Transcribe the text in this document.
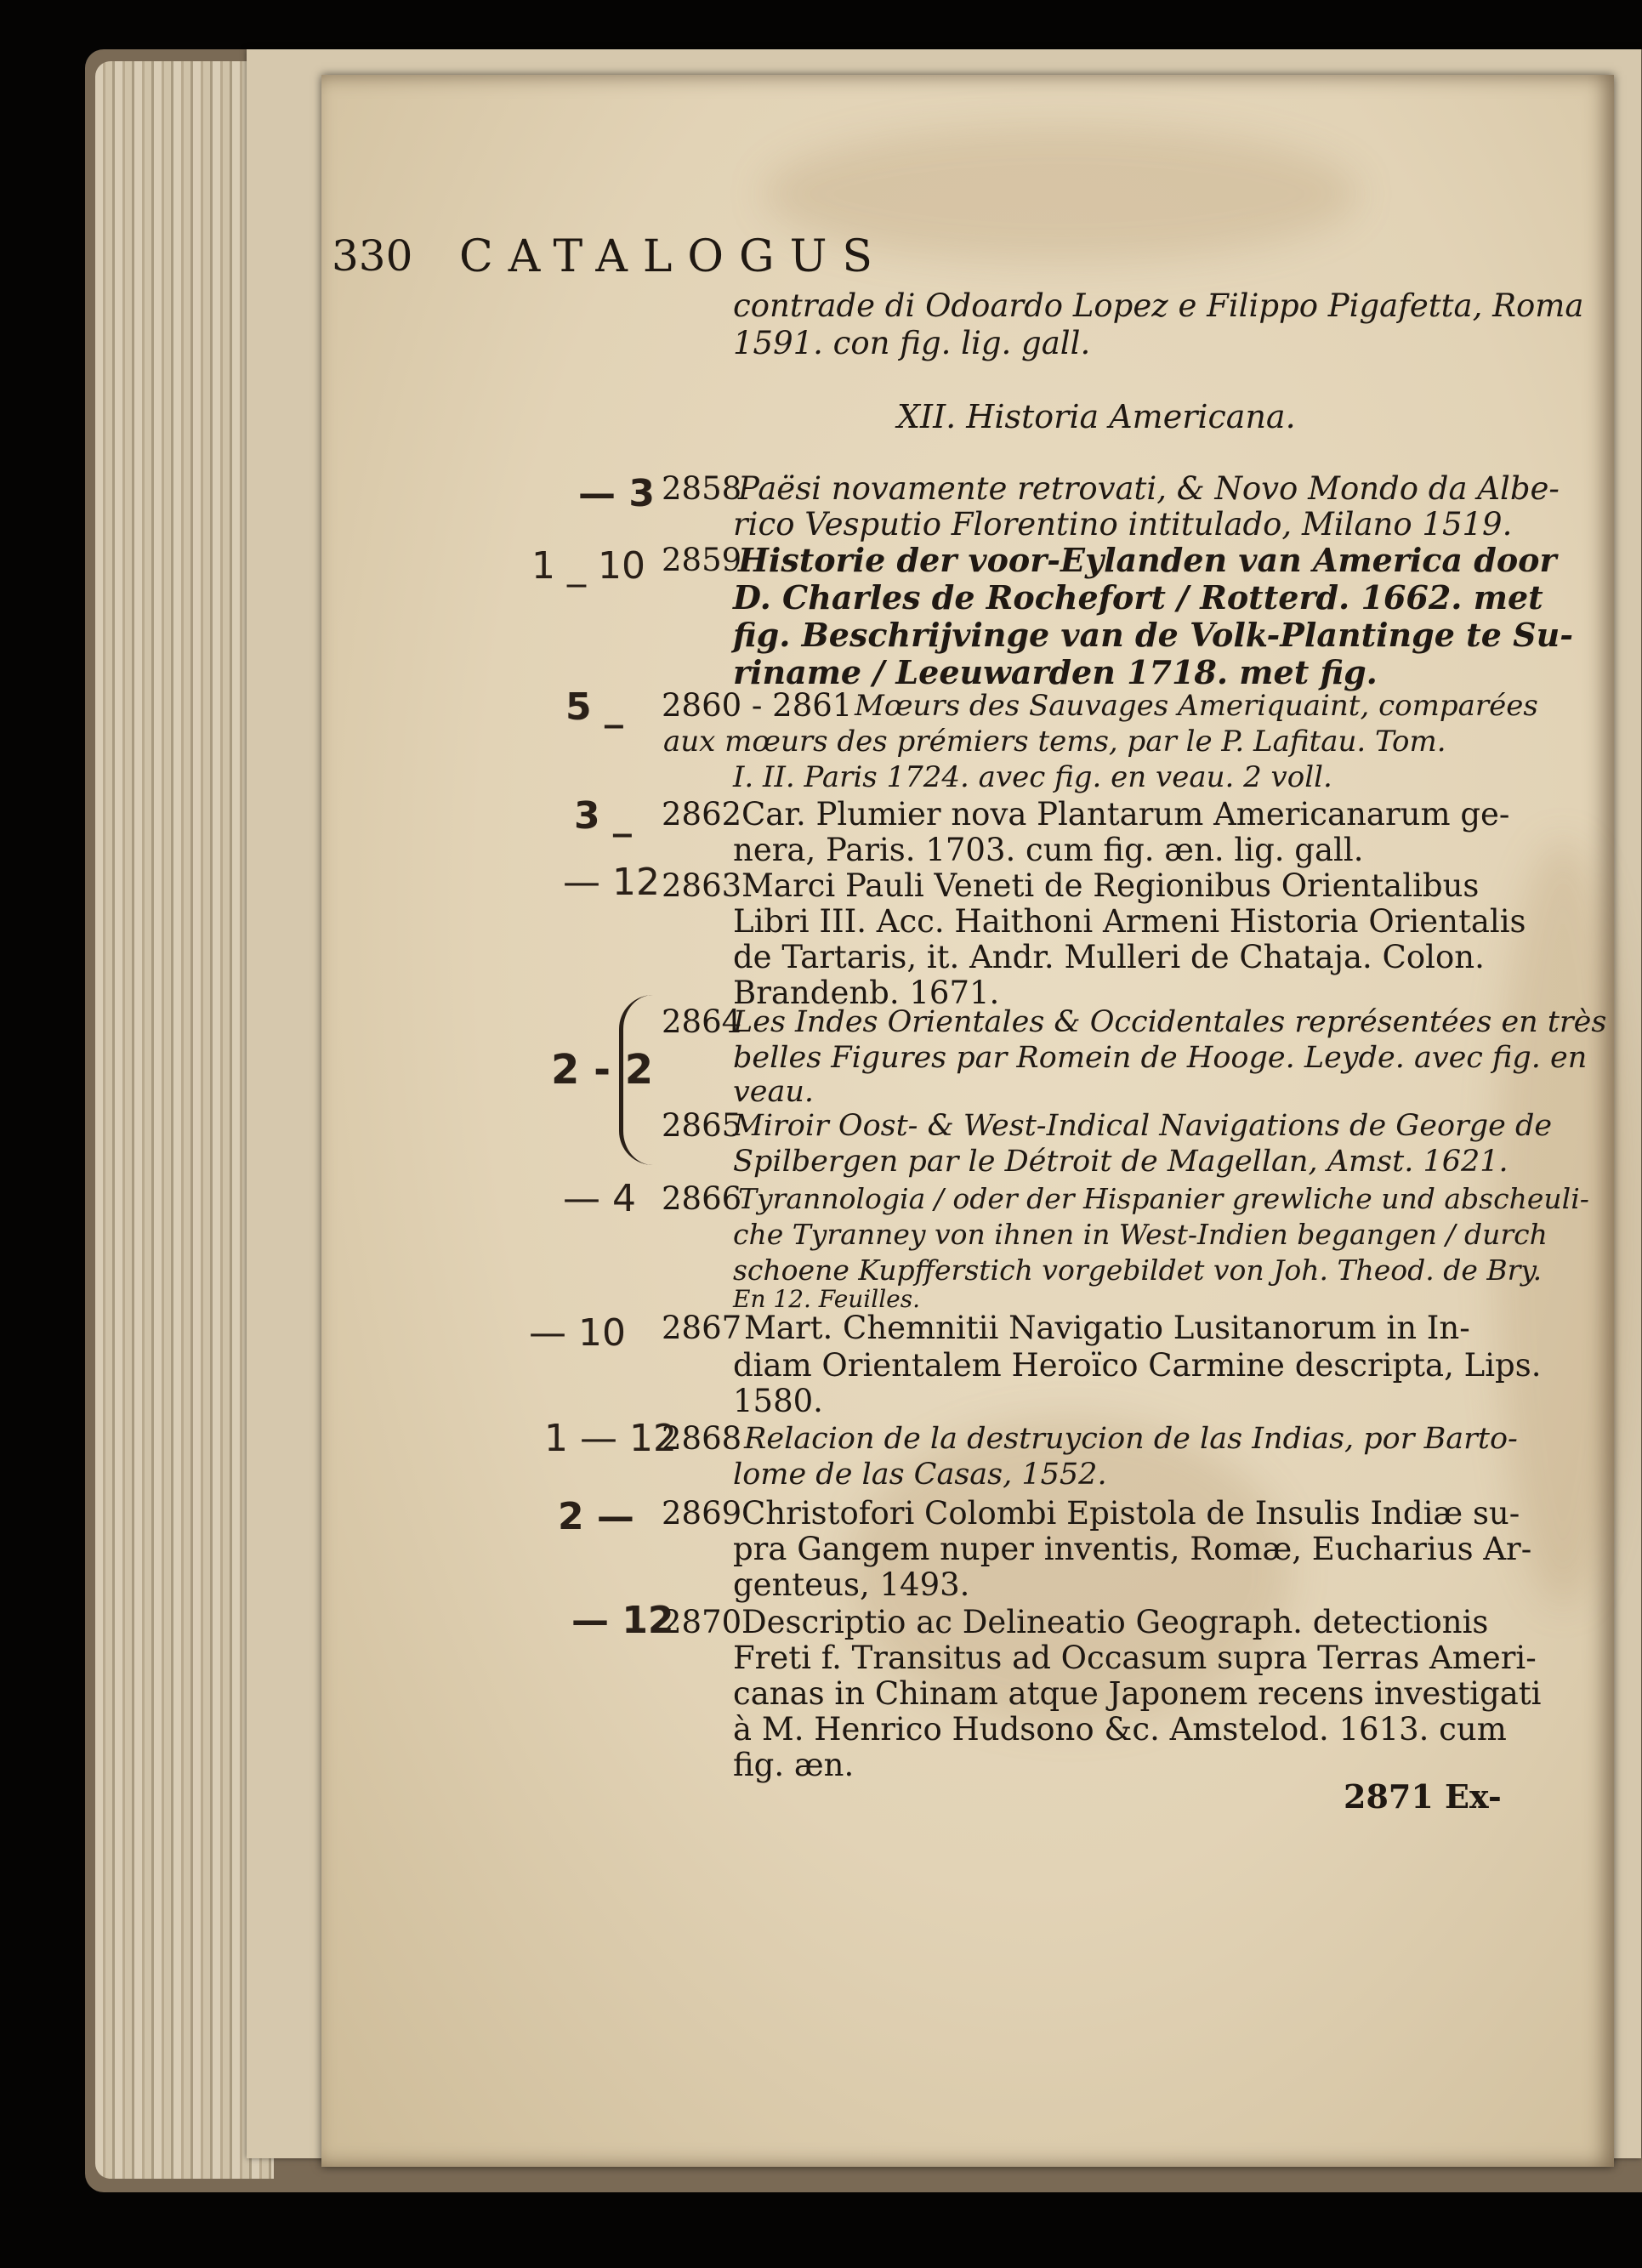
330 CATALOGUS
contrade di Odoardo Lopez e Filippo Pigafetta, Roma
1591. con fig. lig. gall.
XII. Historia Americana.
2858
Paësi novamente retrovati, & Novo Mondo da Albe-
rico Vesputio Florentino intitulado, Milano 1519.
2859
Historie der voor-Eylanden van America door
D. Charles de Rochefort / Rotterd. 1662. met
fig. Beschrijvinge van de Volk-Plantinge te Su-
riname / Leeuwarden 1718. met fig.
2860 - 2861 Mœurs des Sauvages Ameriquaint, comparées
aux mœurs des prémiers tems, par le P. Lafitau. Tom.
I. II. Paris 1724. avec fig. en veau. 2 voll.
2862 Car. Plumier nova Plantarum Americanarum ge-
nera, Paris. 1703. cum fig. æn. lig. gall.
2863 Marci Pauli Veneti de Regionibus Orientalibus
Libri III. Acc. Haithoni Armeni Historia Orientalis
de Tartaris, it. Andr. Mulleri de Chataja. Colon.
Brandenb. 1671.
2864
Les Indes Orientales & Occidentales représentées en très
belles Figures par Romein de Hooge. Leyde. avec fig. en
veau.
2865
Miroir Oost- & West-Indical Navigations de George de
Spilbergen par le Détroit de Magellan, Amst. 1621.
2866
Tyrannologia / oder der Hispanier grewliche und abscheuli-
che Tyranney von ihnen in West-Indien begangen / durch
schoene Kupfferstich vorgebildet von Joh. Theod. de Bry.
En 12. Feuilles.
2867 Mart. Chemnitii Navigatio Lusitanorum in In-
diam Orientalem Heroïco Carmine descripta, Lips.
1580.
2868 Relacion de la destruycion de las Indias, por Barto-
lome de las Casas, 1552.
2869 Christofori Colombi Epistola de Insulis Indiæ su-
pra Gangem nuper inventis, Romæ, Eucharius Ar-
genteus, 1493.
2870 Descriptio ac Delineatio Geograph. detectionis
Freti f. Transitus ad Occasum supra Terras Ameri-
canas in Chinam atque Japonem recens investigati
à M. Henrico Hudsono &c. Amstelod. 1613. cum
fig. æn.
2871 Ex-
— 3
1 _ 10
5 _
3 _
— 12
2 - 2
— 4
— 10
1 — 12
2 —
— 12
